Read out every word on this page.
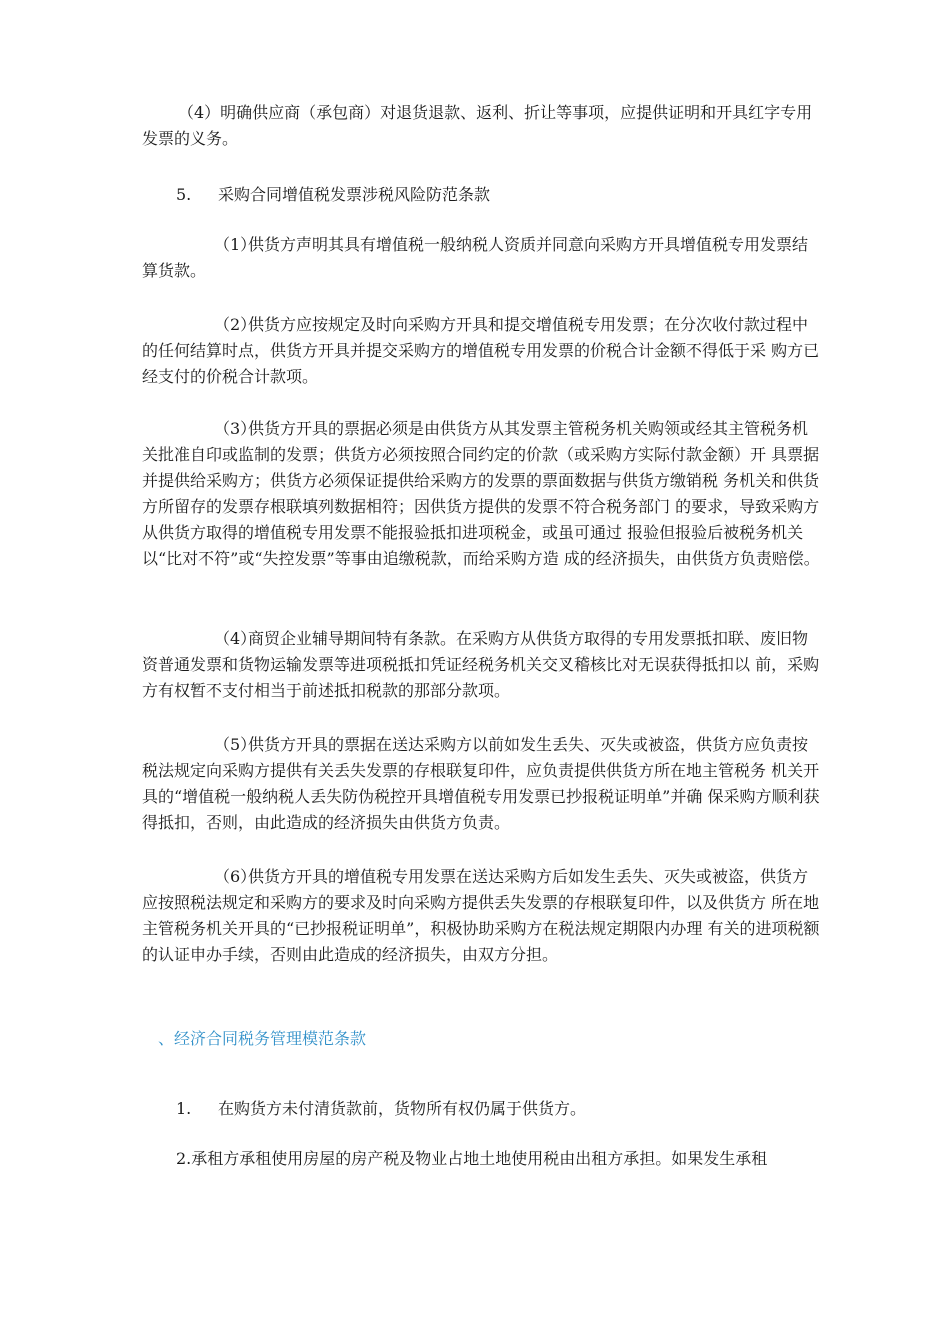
（4）明确供应商（承包商）对退货退款、返利、折让等事项，应提供证明和开具红字专用发票的义务。

5. 采购合同增值税发票涉税风险防范条款

（1）供货方声明其具有增值税一般纳税人资质并同意向采购方开具增值税专用发票结 算货款。

（2）供货方应按规定及时向采购方开具和提交增值税专用发票；在分次收付款过程中 的任何结算时点，供货方开具并提交采购方的增值税专用发票的价税合计金额不得低于采 购方已经支付的价税合计款项。

（3）供货方开具的票据必须是由供货方从其发票主管税务机关购领或经其主管税务机 关批准自印或监制的发票；供货方必须按照合同约定的价款（或采购方实际付款金额）开 具票据并提供给采购方；供货方必须保证提供给采购方的发票的票面数据与供货方缴销税 务机关和供货方所留存的发票存根联填列数据相符；因供货方提供的发票不符合税务部门 的要求，导致采购方从供货方取得的增值税专用发票不能报验抵扣进项税金，或虽可通过 报验但报验后被税务机关以“比对不符”或“失控发票”等事由追缴税款，而给采购方造 成的经济损失，由供货方负责赔偿。

（4）商贸企业辅导期间特有条款。在采购方从供货方取得的专用发票抵扣联、废旧物 资普通发票和货物运输发票等进项税抵扣凭证经税务机关交叉稽核比对无误获得抵扣以 前，采购方有权暂不支付相当于前述抵扣税款的那部分款项。

（5）供货方开具的票据在送达采购方以前如发生丢失、灭失或被盗，供货方应负责按 税法规定向采购方提供有关丢失发票的存根联复印件，应负责提供供货方所在地主管税务 机关开具的“增值税一般纳税人丢失防伪税控开具增值税专用发票已抄报税证明单”并确 保采购方顺利获得抵扣，否则，由此造成的经济损失由供货方负责。

（6）供货方开具的增值税专用发票在送达采购方后如发生丢失、灭失或被盗，供货方 应按照税法规定和采购方的要求及时向采购方提供丢失发票的存根联复印件，以及供货方 所在地主管税务机关开具的“已抄报税证明单”，积极协助采购方在税法规定期限内办理 有关的进项税额的认证申办手续，否则由此造成的经济损失，由双方分担。

、经济合同税务管理模范条款

1. 在购货方未付清货款前，货物所有权仍属于供货方。

2.承租方承租使用房屋的房产税及物业占地土地使用税由出租方承担。如果发生承租
